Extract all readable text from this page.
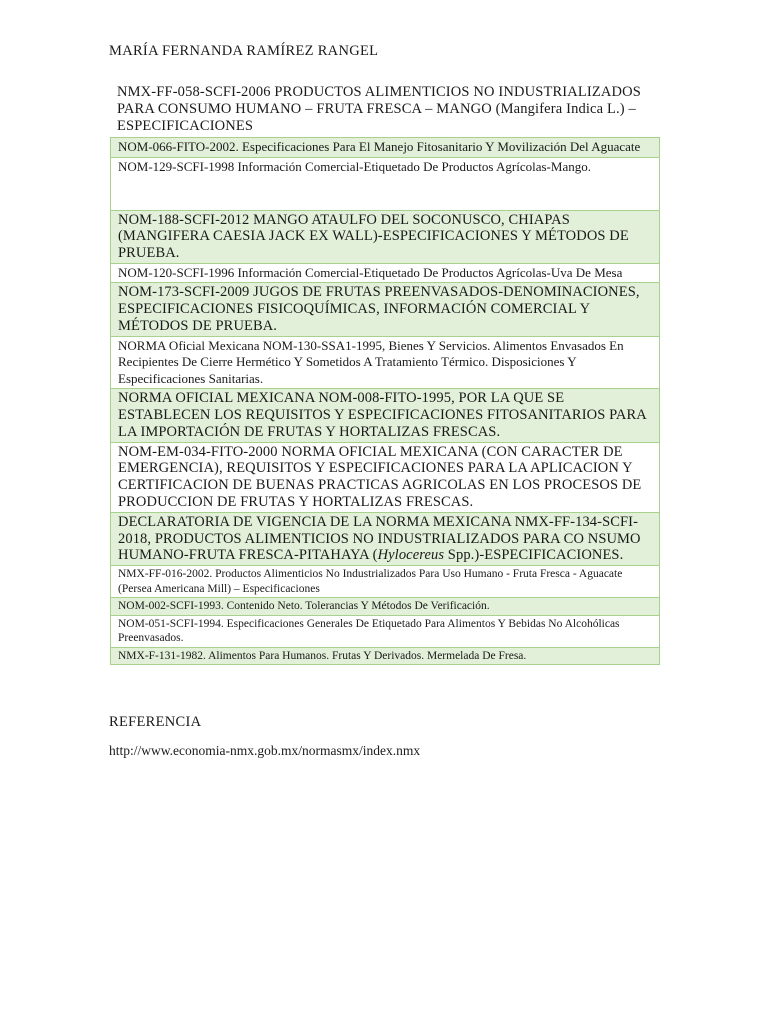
MARÍA FERNANDA RAMÍREZ RANGEL
NMX-FF-058-SCFI-2006 PRODUCTOS ALIMENTICIOS NO INDUSTRIALIZADOS PARA CONSUMO HUMANO – FRUTA FRESCA – MANGO (Mangifera Indica L.) – ESPECIFICACIONES
NOM-066-FITO-2002. Especificaciones Para El Manejo Fitosanitario Y Movilización Del Aguacate
NOM-129-SCFI-1998 Información Comercial-Etiquetado De Productos Agrícolas-Mango.
NOM-188-SCFI-2012 MANGO ATAULFO DEL SOCONUSCO, CHIAPAS (MANGIFERA CAESIA JACK EX WALL)-ESPECIFICACIONES Y MÉTODOS DE PRUEBA.
NOM-120-SCFI-1996 Información Comercial-Etiquetado De Productos Agrícolas-Uva De Mesa
NOM-173-SCFI-2009 JUGOS DE FRUTAS PREENVASADOS-DENOMINACIONES, ESPECIFICACIONES FISICOQUÍMICAS, INFORMACIÓN COMERCIAL Y MÉTODOS DE PRUEBA.
NORMA Oficial Mexicana NOM-130-SSA1-1995, Bienes Y Servicios. Alimentos Envasados En Recipientes De Cierre Hermético Y Sometidos A Tratamiento Térmico. Disposiciones Y Especificaciones Sanitarias.
NORMA OFICIAL MEXICANA NOM-008-FITO-1995, POR LA QUE SE ESTABLECEN LOS REQUISITOS Y ESPECIFICACIONES FITOSANITARIOS PARA LA IMPORTACIÓN DE FRUTAS Y HORTALIZAS FRESCAS.
NOM-EM-034-FITO-2000 NORMA OFICIAL MEXICANA (CON CARACTER DE EMERGENCIA), REQUISITOS Y ESPECIFICACIONES PARA LA APLICACION Y CERTIFICACION DE BUENAS PRACTICAS AGRICOLAS EN LOS PROCESOS DE PRODUCCION DE FRUTAS Y HORTALIZAS FRESCAS.
DECLARATORIA DE VIGENCIA DE LA NORMA MEXICANA NMX-FF-134-SCFI-2018, PRODUCTOS ALIMENTICIOS NO INDUSTRIALIZADOS PARA CO NSUMO HUMANO-FRUTA FRESCA-PITAHAYA (Hylocereus Spp.)-ESPECIFICACIONES.
NMX-FF-016-2002. Productos Alimenticios No Industrializados Para Uso Humano - Fruta Fresca - Aguacate (Persea Americana Mill) – Especificaciones
NOM-002-SCFI-1993. Contenido Neto. Tolerancias Y Métodos De Verificación.
NOM-051-SCFI-1994. Especificaciones Generales De Etiquetado Para Alimentos Y Bebidas No Alcohólicas Preenvasados.
NMX-F-131-1982. Alimentos Para Humanos. Frutas Y Derivados. Mermelada De Fresa.
REFERENCIA
http://www.economia-nmx.gob.mx/normasmx/index.nmx
